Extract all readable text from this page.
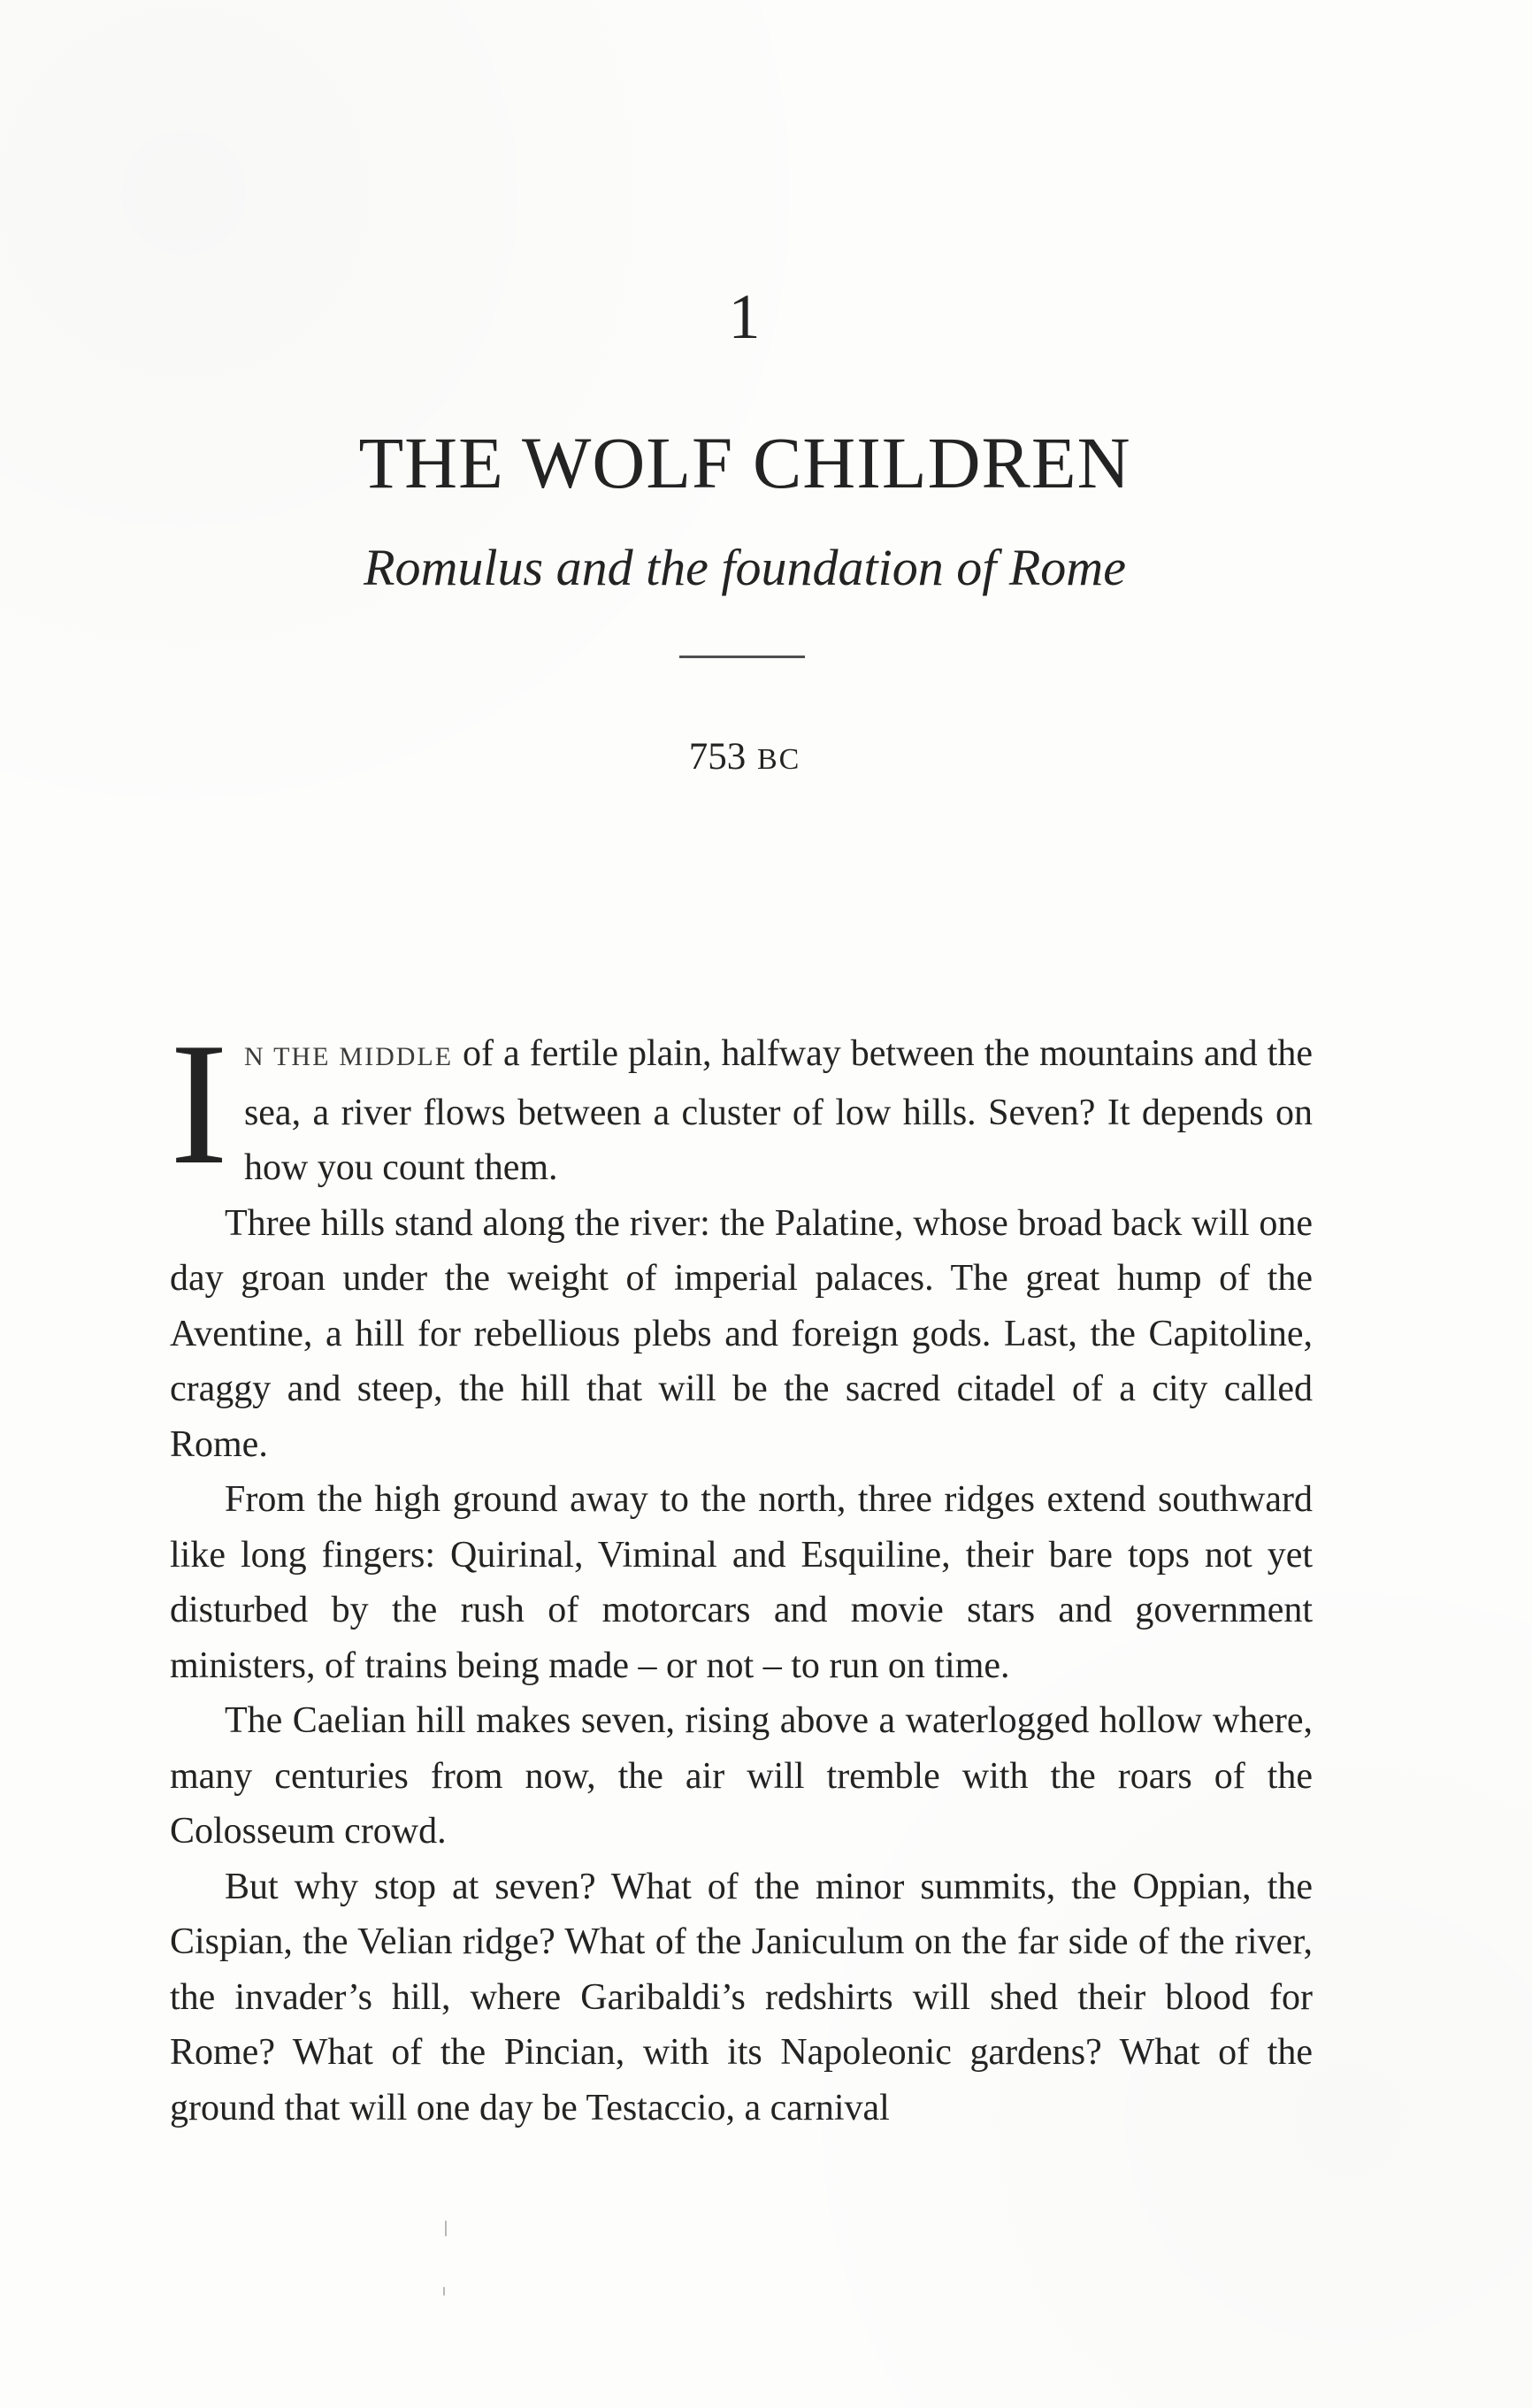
1
THE WOLF CHILDREN
Romulus and the foundation of Rome
753 BC

IN THE MIDDLE of a fertile plain, halfway between the mountains and the sea, a river flows between a cluster of low hills. Seven? It depends on how you count them.

Three hills stand along the river: the Palatine, whose broad back will one day groan under the weight of imperial palaces. The great hump of the Aventine, a hill for rebellious plebs and foreign gods. Last, the Capitoline, craggy and steep, the hill that will be the sacred citadel of a city called Rome.

From the high ground away to the north, three ridges extend southward like long fingers: Quirinal, Viminal and Esquiline, their bare tops not yet disturbed by the rush of motorcars and movie stars and government ministers, of trains being made – or not – to run on time.

The Caelian hill makes seven, rising above a waterlogged hollow where, many centuries from now, the air will tremble with the roars of the Colosseum crowd.

But why stop at seven? What of the minor summits, the Oppian, the Cispian, the Velian ridge? What of the Janiculum on the far side of the river, the invader’s hill, where Garibaldi’s redshirts will shed their blood for Rome? What of the Pincian, with its Napoleonic gardens? What of the ground that will one day be Testaccio, a carnival
